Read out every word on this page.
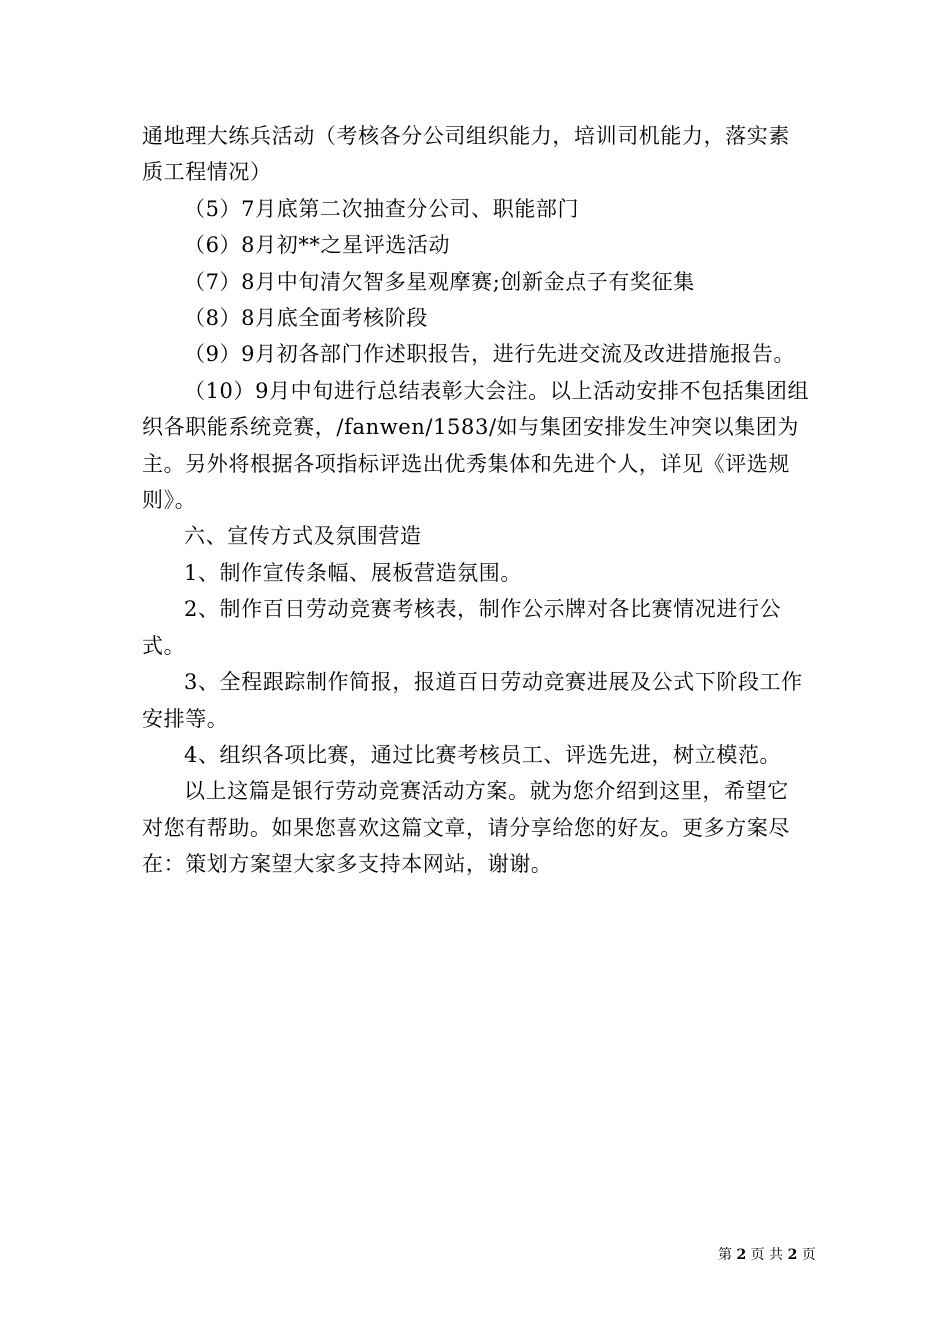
通地理大练兵活动（考核各分公司组织能力，培训司机能力，落实素质工程情况）

（5）7月底第二次抽查分公司、职能部门

（6）8月初**之星评选活动

（7）8月中旬清欠智多星观摩赛;创新金点子有奖征集

（8）8月底全面考核阶段

（9）9月初各部门作述职报告，进行先进交流及改进措施报告。

（10）9月中旬进行总结表彰大会注。以上活动安排不包括集团组织各职能系统竞赛，/fanwen/1583/如与集团安排发生冲突以集团为主。另外将根据各项指标评选出优秀集体和先进个人，详见《评选规则》。

六、宣传方式及氛围营造

1、制作宣传条幅、展板营造氛围。

2、制作百日劳动竞赛考核表，制作公示牌对各比赛情况进行公式。

3、全程跟踪制作简报，报道百日劳动竞赛进展及公式下阶段工作安排等。

4、组织各项比赛，通过比赛考核员工、评选先进，树立模范。

以上这篇是银行劳动竞赛活动方案。就为您介绍到这里，希望它对您有帮助。如果您喜欢这篇文章，请分享给您的好友。更多方案尽在：策划方案望大家多支持本网站，谢谢。

第 2 页 共 2 页
